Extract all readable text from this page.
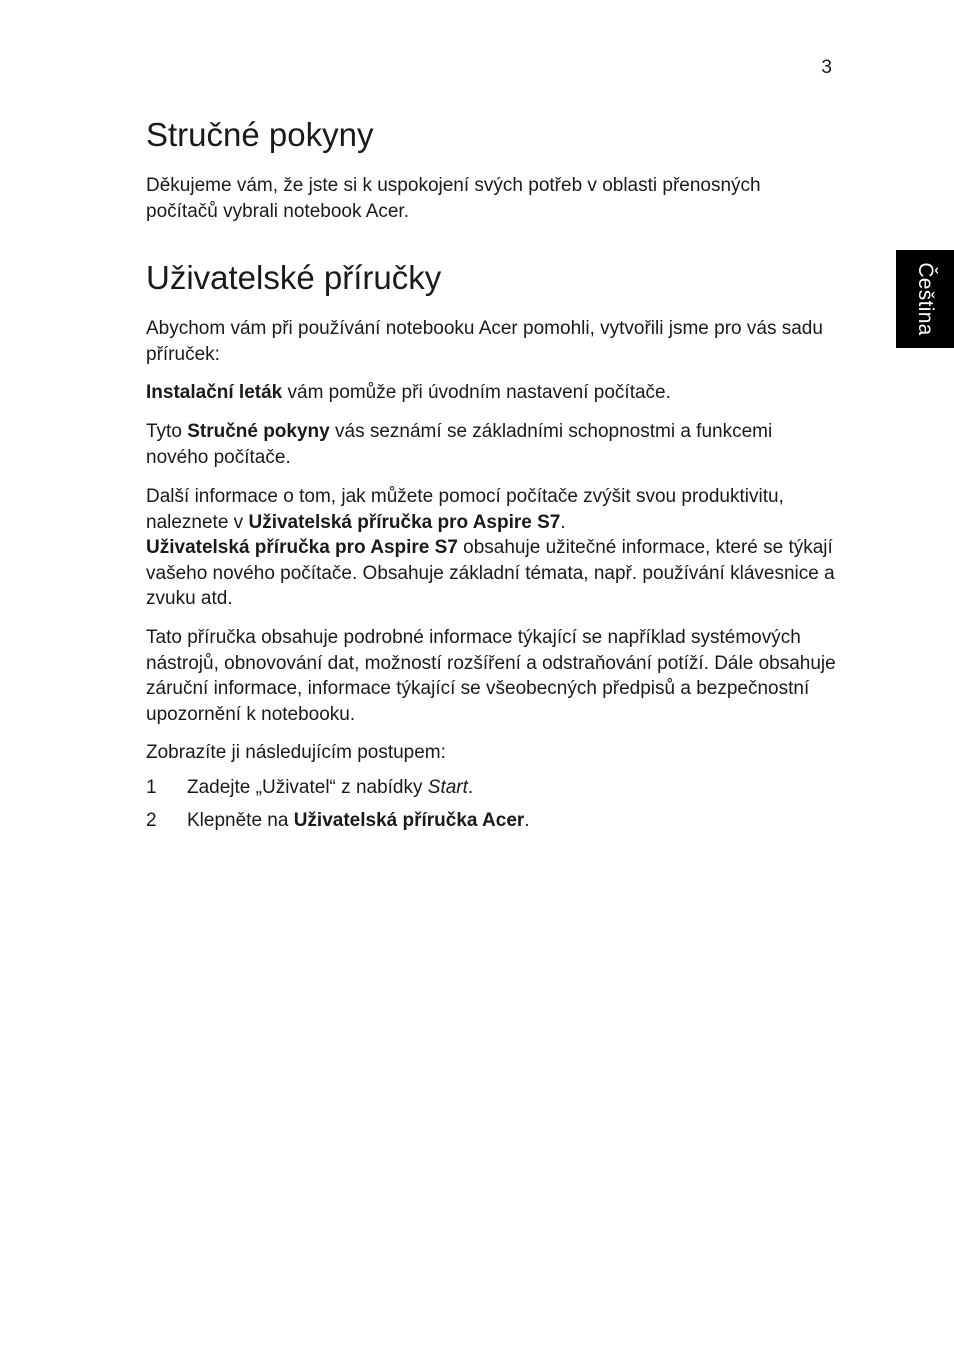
3
Čeština
Stručné pokyny

Děkujeme vám, že jste si k uspokojení svých potřeb v oblasti přenosných počítačů vybrali notebook Acer.

Uživatelské příručky

Abychom vám při používání notebooku Acer pomohli, vytvořili jsme pro vás sadu příruček:

Instalační leták vám pomůže při úvodním nastavení počítače.

Tyto Stručné pokyny vás seznámí se základními schopnostmi a funkcemi nového počítače.

Další informace o tom, jak můžete pomocí počítače zvýšit svou produktivitu, naleznete v Uživatelská příručka pro Aspire S7.
Uživatelská příručka pro Aspire S7 obsahuje užitečné informace, které se týkají vašeho nového počítače. Obsahuje základní témata, např. používání klávesnice a zvuku atd.

Tato příručka obsahuje podrobné informace týkající se například systémových nástrojů, obnovování dat, možností rozšíření a odstraňování potíží. Dále obsahuje záruční informace, informace týkající se všeobecných předpisů a bezpečnostní upozornění k notebooku.

Zobrazíte ji následujícím postupem:

1 Zadejte „Uživatel“ z nabídky Start.
2 Klepněte na Uživatelská příručka Acer.
